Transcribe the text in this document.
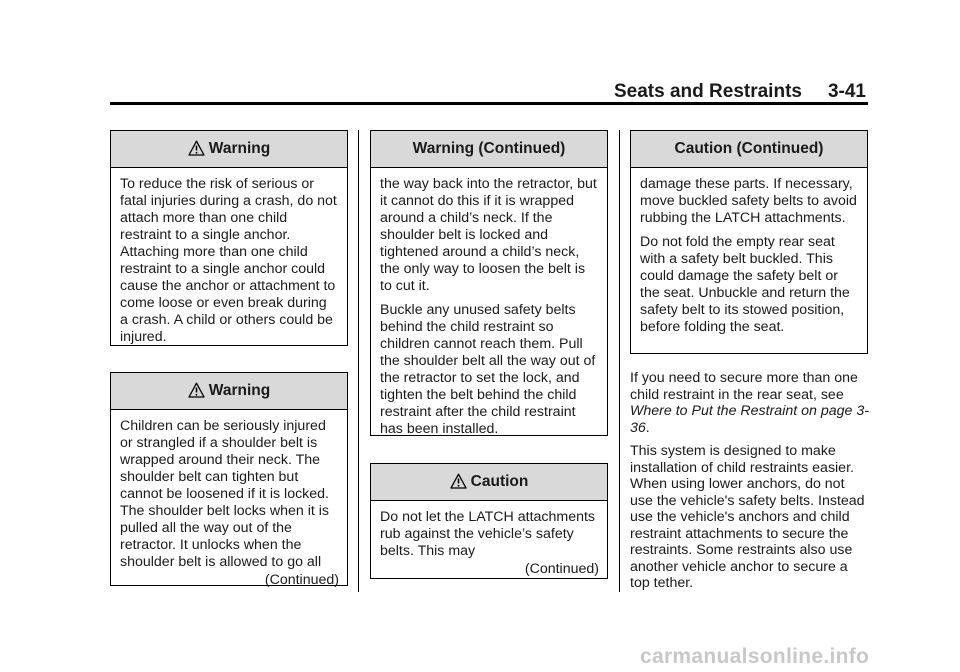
Seats and Restraints 3-41
Warning

To reduce the risk of serious or fatal injuries during a crash, do not attach more than one child restraint to a single anchor. Attaching more than one child restraint to a single anchor could cause the anchor or attachment to come loose or even break during a crash. A child or others could be injured.

Warning

Children can be seriously injured or strangled if a shoulder belt is wrapped around their neck. The shoulder belt can tighten but cannot be loosened if it is locked. The shoulder belt locks when it is pulled all the way out of the retractor. It unlocks when the shoulder belt is allowed to go all

(Continued)
Warning (Continued)

the way back into the retractor, but it cannot do this if it is wrapped around a child’s neck. If the shoulder belt is locked and tightened around a child’s neck, the only way to loosen the belt is to cut it.

Buckle any unused safety belts behind the child restraint so children cannot reach them. Pull the shoulder belt all the way out of the retractor to set the lock, and tighten the belt behind the child restraint after the child restraint has been installed.

Caution

Do not let the LATCH attachments rub against the vehicle’s safety belts. This may

(Continued)
Caution (Continued)

damage these parts. If necessary, move buckled safety belts to avoid rubbing the LATCH attachments.

Do not fold the empty rear seat with a safety belt buckled. This could damage the safety belt or the seat. Unbuckle and return the safety belt to its stowed position, before folding the seat.

If you need to secure more than one child restraint in the rear seat, see Where to Put the Restraint on page 3-36.

This system is designed to make installation of child restraints easier. When using lower anchors, do not use the vehicle's safety belts. Instead use the vehicle's anchors and child restraint attachments to secure the restraints. Some restraints also use another vehicle anchor to secure a top tether.

carmanualsonline.info
